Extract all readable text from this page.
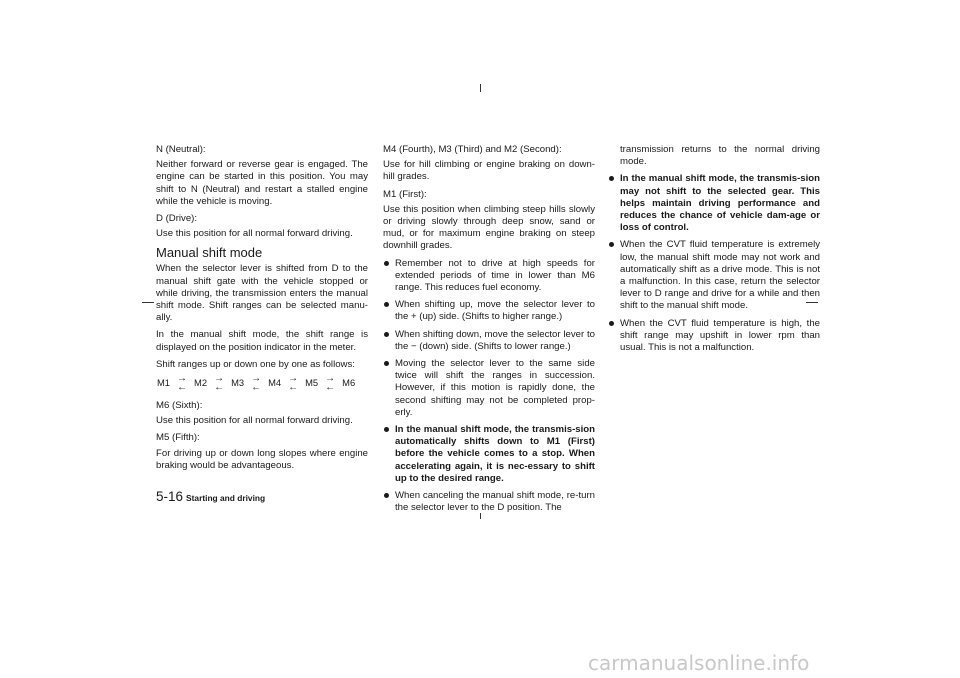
N (Neutral):

Neither forward or reverse gear is engaged. The engine can be started in this position. You may shift to N (Neutral) and restart a stalled engine while the vehicle is moving.

D (Drive):

Use this position for all normal forward driving.

Manual shift mode

When the selector lever is shifted from D to the manual shift gate with the vehicle stopped or while driving, the transmission enters the manual shift mode. Shift ranges can be selected manu-ally.

In the manual shift mode, the shift range is displayed on the position indicator in the meter.

Shift ranges up or down one by one as follows:

M1 →
← M2 →
← M3 →
← M4 →
← M5 →
← M6

M6 (Sixth):

Use this position for all normal forward driving.

M5 (Fifth):

For driving up or down long slopes where engine braking would be advantageous.

M4 (Fourth), M3 (Third) and M2 (Second):

Use for hill climbing or engine braking on down-hill grades.

M1 (First):

Use this position when climbing steep hills slowly or driving slowly through deep snow, sand or mud, or for maximum engine braking on steep downhill grades.

Remember not to drive at high speeds for extended periods of time in lower than M6 range. This reduces fuel economy.
When shifting up, move the selector lever to the + (up) side. (Shifts to higher range.)
When shifting down, move the selector lever to the − (down) side. (Shifts to lower range.)
Moving the selector lever to the same side twice will shift the ranges in succession. However, if this motion is rapidly done, the second shifting may not be completed prop-erly.
In the manual shift mode, the transmis-sion automatically shifts down to M1 (First) before the vehicle comes to a stop. When accelerating again, it is nec-essary to shift up to the desired range.
When canceling the manual shift mode, re-turn the selector lever to the D position. The

transmission returns to the normal driving mode.

In the manual shift mode, the transmis-sion may not shift to the selected gear. This helps maintain driving performance and reduces the chance of vehicle dam-age or loss of control.
When the CVT fluid temperature is extremely low, the manual shift mode may not work and automatically shift as a drive mode. This is not a malfunction. In this case, return the selector lever to D range and drive for a while and then shift to the manual shift mode.
When the CVT fluid temperature is high, the shift range may upshift in lower rpm than usual. This is not a malfunction.
5-16 Starting and driving
carmanualsonline.info
